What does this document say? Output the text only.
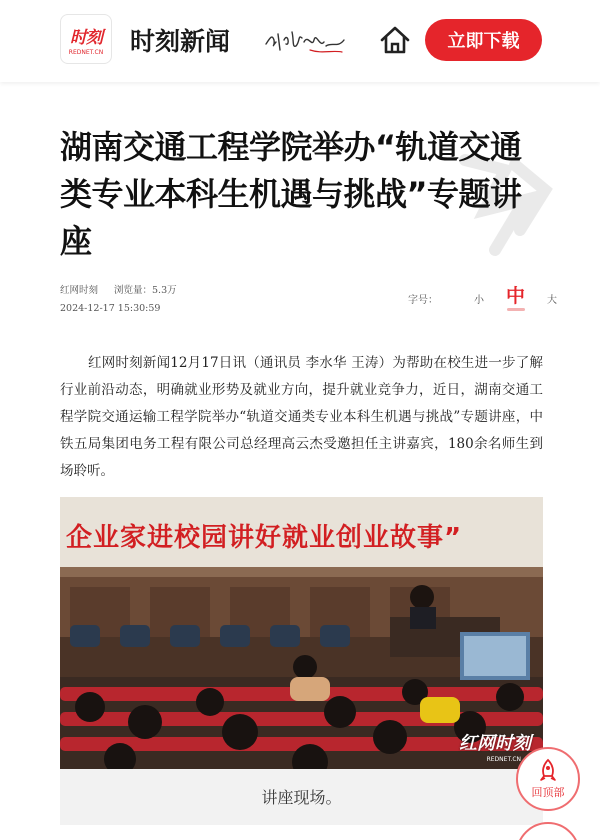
时刻
REDNET.CN 时刻新闻	立即下载
湖南交通工程学院举办“轨道交通类专业本科生机遇与挑战”专题讲座
红网时刻 浏览量：5.3万
2024-12-17 15:30:59
字号：	小 中 大

红网时刻新闻12月17日讯（通讯员 李水华 王涛）为帮助在校生进一步了解行业前沿动态，明确就业形势及就业方向，提升就业竞争力，近日，湖南交通工程学院交通运输工程学院举办“轨道交通类专业本科生机遇与挑战”专题讲座，中铁五局集团电务工程有限公司总经理高云杰受邀担任主讲嘉宾，180余名师生到场聆听。

企业家进校园讲好就业创业故事”
红网时刻
REDNET.CN
讲座现场。	回顶部
